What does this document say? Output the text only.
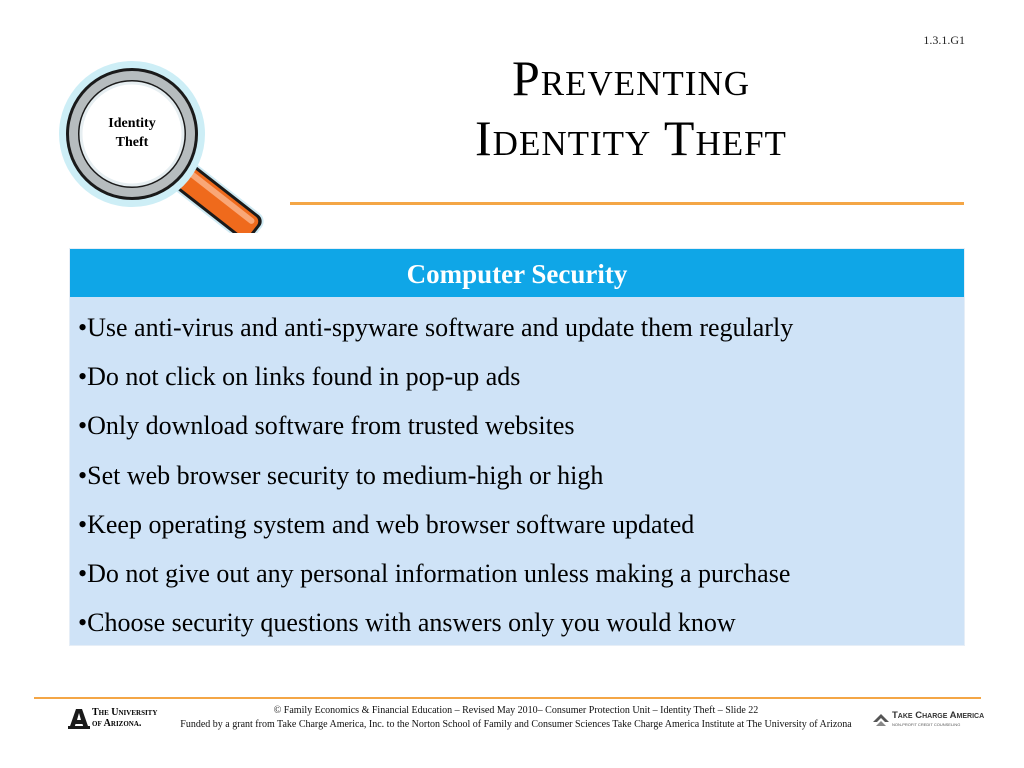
1.3.1.G1
Preventing
Identity Theft
Identity
Theft
Computer Security
•Use anti-virus and anti-spyware software and update them regularly
•Do not click on links found in pop-up ads
•Only download software from trusted websites
•Set web browser security to medium-high or high
•Keep operating system and web browser software updated
•Do not give out any personal information unless making a purchase
•Choose security questions with answers only you would know
The University
of Arizona.
© Family Economics & Financial Education – Revised May 2010– Consumer Protection Unit – Identity Theft – Slide 22
Funded by a grant from Take Charge America, Inc. to the Norton School of Family and Consumer Sciences Take Charge America Institute at The University of Arizona
Take Charge America
NON-PROFIT CREDIT COUNSELING
